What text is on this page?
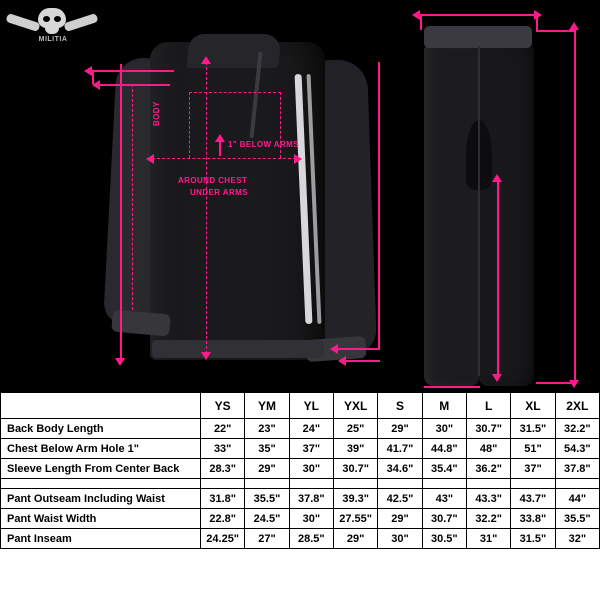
MILITIA
BODY
1" BELOW ARMS
AROUND CHEST
UNDER ARMS
	YS	YM	YL	YXL	S	M	L	XL	2XL
Back Body Length	22"	23"	24"	25"	29"	30"	30.7"	31.5"	32.2"
Chest Below Arm Hole 1"	33"	35"	37"	39"	41.7"	44.8"	48"	51"	54.3"
Sleeve Length From Center Back	28.3"	29"	30"	30.7"	34.6"	35.4"	36.2"	37"	37.8"

Pant Outseam Including Waist	31.8"	35.5"	37.8"	39.3"	42.5"	43"	43.3"	43.7"	44"
Pant Waist Width	22.8"	24.5"	30"	27.55"	29"	30.7"	32.2"	33.8"	35.5"
Pant Inseam	24.25"	27"	28.5"	29"	30"	30.5"	31"	31.5"	32"
